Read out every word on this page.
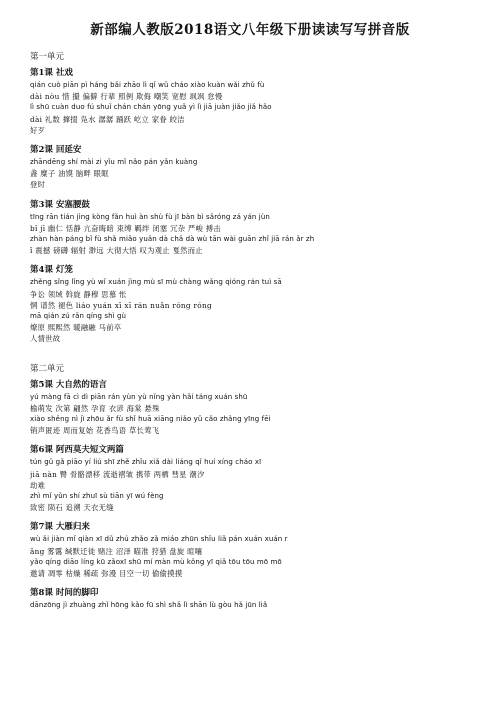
新部编人教版2018语文八年级下册读读写写拼音版
第一单元
第1课 社戏
qián cuò piān pì háng bǎi zhāo lì qǐ wǔ cháo xiào kuàn wǎi zhǔ fù
dài nòu 惜 撮 偏僻 行辈 照例 欺侮 嘲笑 宽慰 飒飒 怠慢
lì shū cuàn duo fú shuǐ chán chán yōng yuǎ yì lì jiā juàn jiǎo jiǎ hǎo
dài 礼数 撺掇 凫水 潺潺 踊跃 屹立 家眷 皎洁
好歹
第2课 回延安
zhāndēng shí mài zi yǐu mǐ nǎo pán yǎn kuàng
盏 糜子 油馍 脑畔 眼眶
登时
第3课 安塞腰鼓
tīng rān tián jìng kòng fǎn huì àn shù fù jī bàn bì sǎróng zá yán jùn
bǐ jī 幽仁 恬静 亢奋晦暗 束缚 羁绊 闭塞 冗杂 严峻 搏击
zhàn hàn páng bǐ fù shǎ miǎo yuǎn dà chǎ dà wù tān wài guān zhǐ jiā rán ǎr zh
ǐ 震撼 磅礴 辐射 渺远 大彻大悟 叹为观止 戛然而止
第4课 灯笼
zhěng sǐng lǐng yù wǐ xuán jìng mù sī mù chàng wǎng qióng rán tuì sā
争讼 领域 斡旋 静穆 思慕 怅
惘 谱然 褪色 liáo yuán xī xī rán nuǎn róng róng
mā qián zú rǎn qíng shì gù
燎原 熙熙然 暖融融 马前卒
人情世故
第二单元
第5课 大自然的语言
yú màng fā cì dì piān rán yùn yù nǐng yàn hǎi táng xuán shū
榆萌发 次第 翩然 孕育 衣谚 海棠 悬殊
xiào shěng nì jì zhōu ǎr fù shǐ huā xiāng niǎo yǔ cǎo zhǎng yīng fēi
销声匿迹 周而复始 花香鸟语 草长莺飞
第6课 阿西莫夫短文两篇
tún gǔ gǎ piāo yí liú shī zhě zhǐu xiǎ dài liáng qǐ huí xíng cháo xī
jiā nàn 臀 骨骼漂移 流逝褶皱 携带 两栖 彗星 潮汐
劫难
zhì mǐ yǔn shí zhuī sù tiān yī wú fèng
致密 陨石 追溯 天衣无缝
第7课 大雁归来
wù ǎi jiàn mǐ qiàn xī dǔ zhú zhǎo zǎ miáo zhūn shǐu liǎ pán xuán xuán r
ǎng 雾霭 缄默迁徙 赌注 沼泽 瞄准 狩猎 盘旋 暄嚷
yǎo qíng diāo líng kū zǎoxī shū mí màn mù kǒng yī qiǎ tōu tōu mō mō
邀请 凋零 枯燥 稀疏 弥漫 目空一切 偷偷摸摸
第8课 时间的脚印
dānzōng jì zhuàng zhǐ hōng kǎo fū shì shǎ lì shān lù gòu hǎ jūn liǎ
